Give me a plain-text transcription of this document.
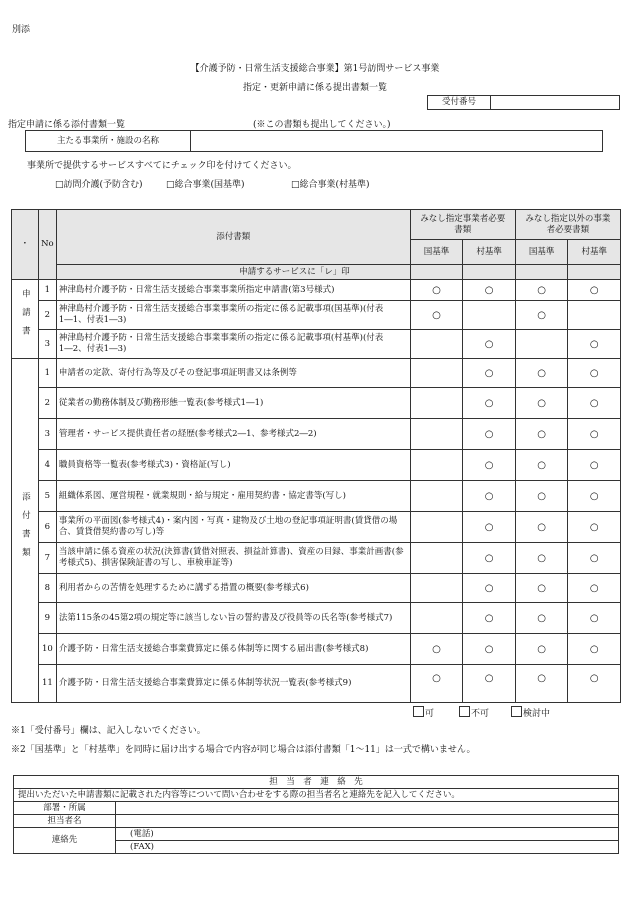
別添
【介護予防・日常生活支援総合事業】第1号訪問サービス事業
指定・更新申請に係る提出書類一覧
受付番号	
指定申請に係る添付書類一覧	(※この書類も提出してください。)
主たる事業所・施設の名称	
事業所で提供するサービスすべてにチェック印を付けてください。
□訪問介護(予防含む)	□総合事業(国基準)	□総合事業(村基準)
・	No	添付書類	みなし指定事業者必要書類		みなし指定以外の事業者必要書類	
			国基準	村基準	国基準	村基準
		申請するサービスに「レ」印				
申請書	1	神津島村介護予防・日常生活支援総合事業事業所指定申請書(第3号様式)	○	○	○	○
	2	神津島村介護予防・日常生活支援総合事業事業所の指定に係る記載事項(国基準)(付表1―1、付表1―3)	○		○	
	3	神津島村介護予防・日常生活支援総合事業事業所の指定に係る記載事項(村基準)(付表1―2、付表1―3)		○		○
添付書類	1	申請者の定款、寄付行為等及びその登記事項証明書又は条例等		○	○	○
	2	従業者の勤務体制及び勤務形態一覧表(参考様式1―1)		○	○	○
	3	管理者・サービス提供責任者の経歴(参考様式2―1、参考様式2―2)		○	○	○
	4	職員資格等一覧表(参考様式3)・資格証(写し)		○	○	○
	5	組織体系図、運営規程・就業規則・給与規定・雇用契約書・協定書等(写し)		○	○	○
	6	事業所の平面図(参考様式4)・案内図・写真・建物及び土地の登記事項証明書(賃貸借の場合、賃貸借契約書の写し)等		○	○	○
	7	当該申請に係る資産の状況(決算書(賃借対照表、損益計算書)、資産の目録、事業計画書(参考様式5)、損害保険証書の写し、車検車証等)		○	○	○
	8	利用者からの苦情を処理するために講ずる措置の概要(参考様式6)		○	○	○
	9	法第115条の45第2項の規定等に該当しない旨の誓約書及び役員等の氏名等(参考様式7)		○	○	○
	10	介護予防・日常生活支援総合事業費算定に係る体制等に関する届出書(参考様式8)	○	○	○	○
	11	介護予防・日常生活支援総合事業費算定に係る体制等状況一覧表(参考様式9)	○	○	○	○
可	不可	検討中
※1「受付番号」欄は、記入しないでください。
※2「国基準」と「村基準」を同時に届け出する場合で内容が同じ場合は添付書類「1～11」は一式で構いません。
担　当　者　連　絡　先	
提出いただいた申請書類に記載された内容等について問い合わせをする際の担当者名と連絡先を記入してください。	
部署・所属	
担当者名	
連絡先	(電話)
	(FAX)
